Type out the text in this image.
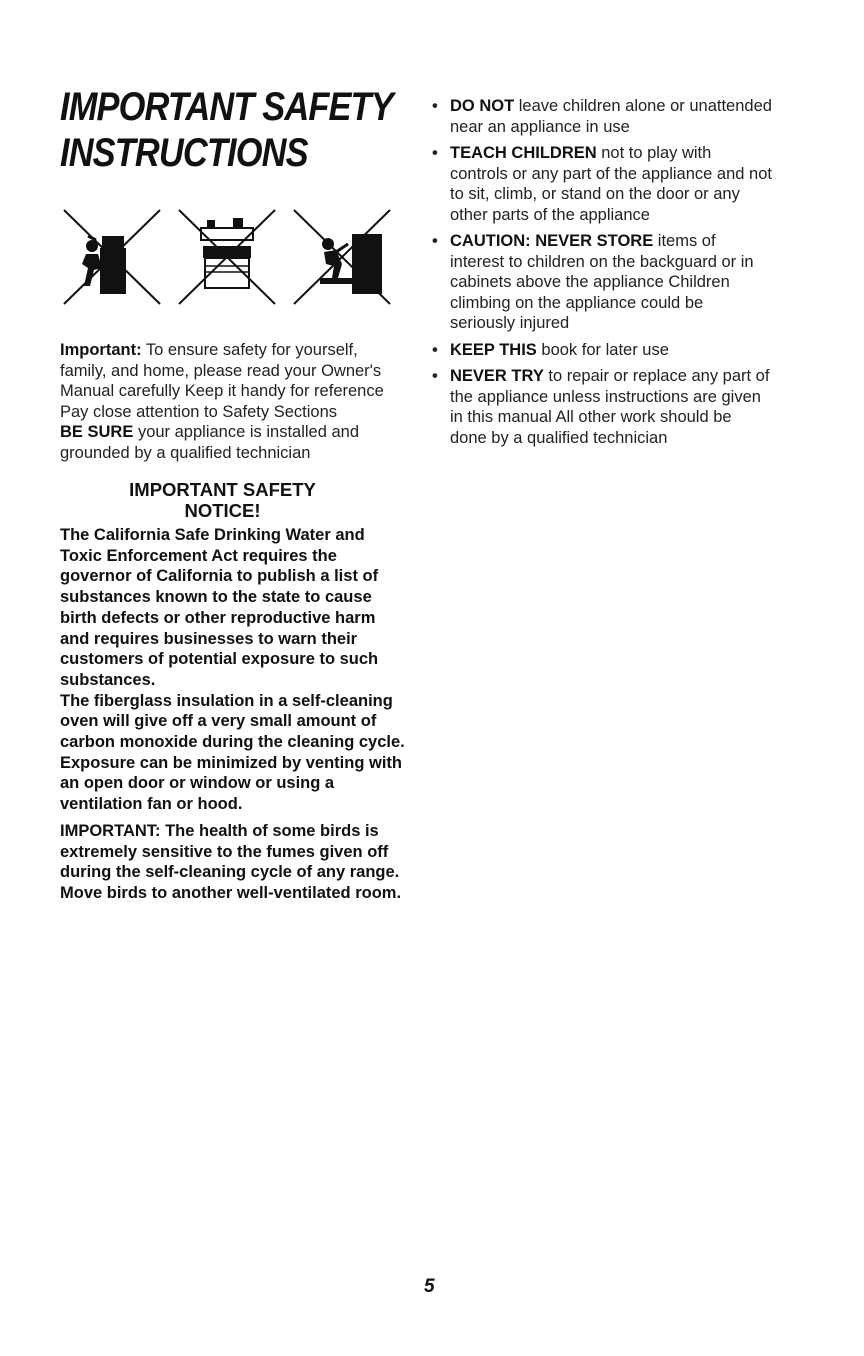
IMPORTANT SAFETY
INSTRUCTIONS

Important: To ensure safety for yourself, family, and home, please read your Owner's Manual carefully Keep it handy for reference Pay close attention to Safety Sections
BE SURE your appliance is installed and grounded by a qualified technician

IMPORTANT SAFETY
NOTICE!

The California Safe Drinking Water and Toxic Enforcement Act requires the governor of California to publish a list of substances known to the state to cause birth defects or other reproductive harm and requires businesses to warn their customers of potential exposure to such substances.

The fiberglass insulation in a self-cleaning oven will give off a very small amount of carbon monoxide during the cleaning cycle. Exposure can be minimized by venting with an open door or window or using a ventilation fan or hood.

IMPORTANT: The health of some birds is extremely sensitive to the fumes given off during the self-cleaning cycle of any range. Move birds to another well-ventilated room.

• DO NOT leave children alone or unattended near an appliance in use
• TEACH CHILDREN not to play with controls or any part of the appliance and not to sit, climb, or stand on the door or any other parts of the appliance
• CAUTION: NEVER STORE items of interest to children on the backguard or in cabinets above the appliance Children climbing on the appliance could be seriously injured
• KEEP THIS book for later use
• NEVER TRY to repair or replace any part of the appliance unless instructions are given in this manual All other work should be done by a qualified technician
5
